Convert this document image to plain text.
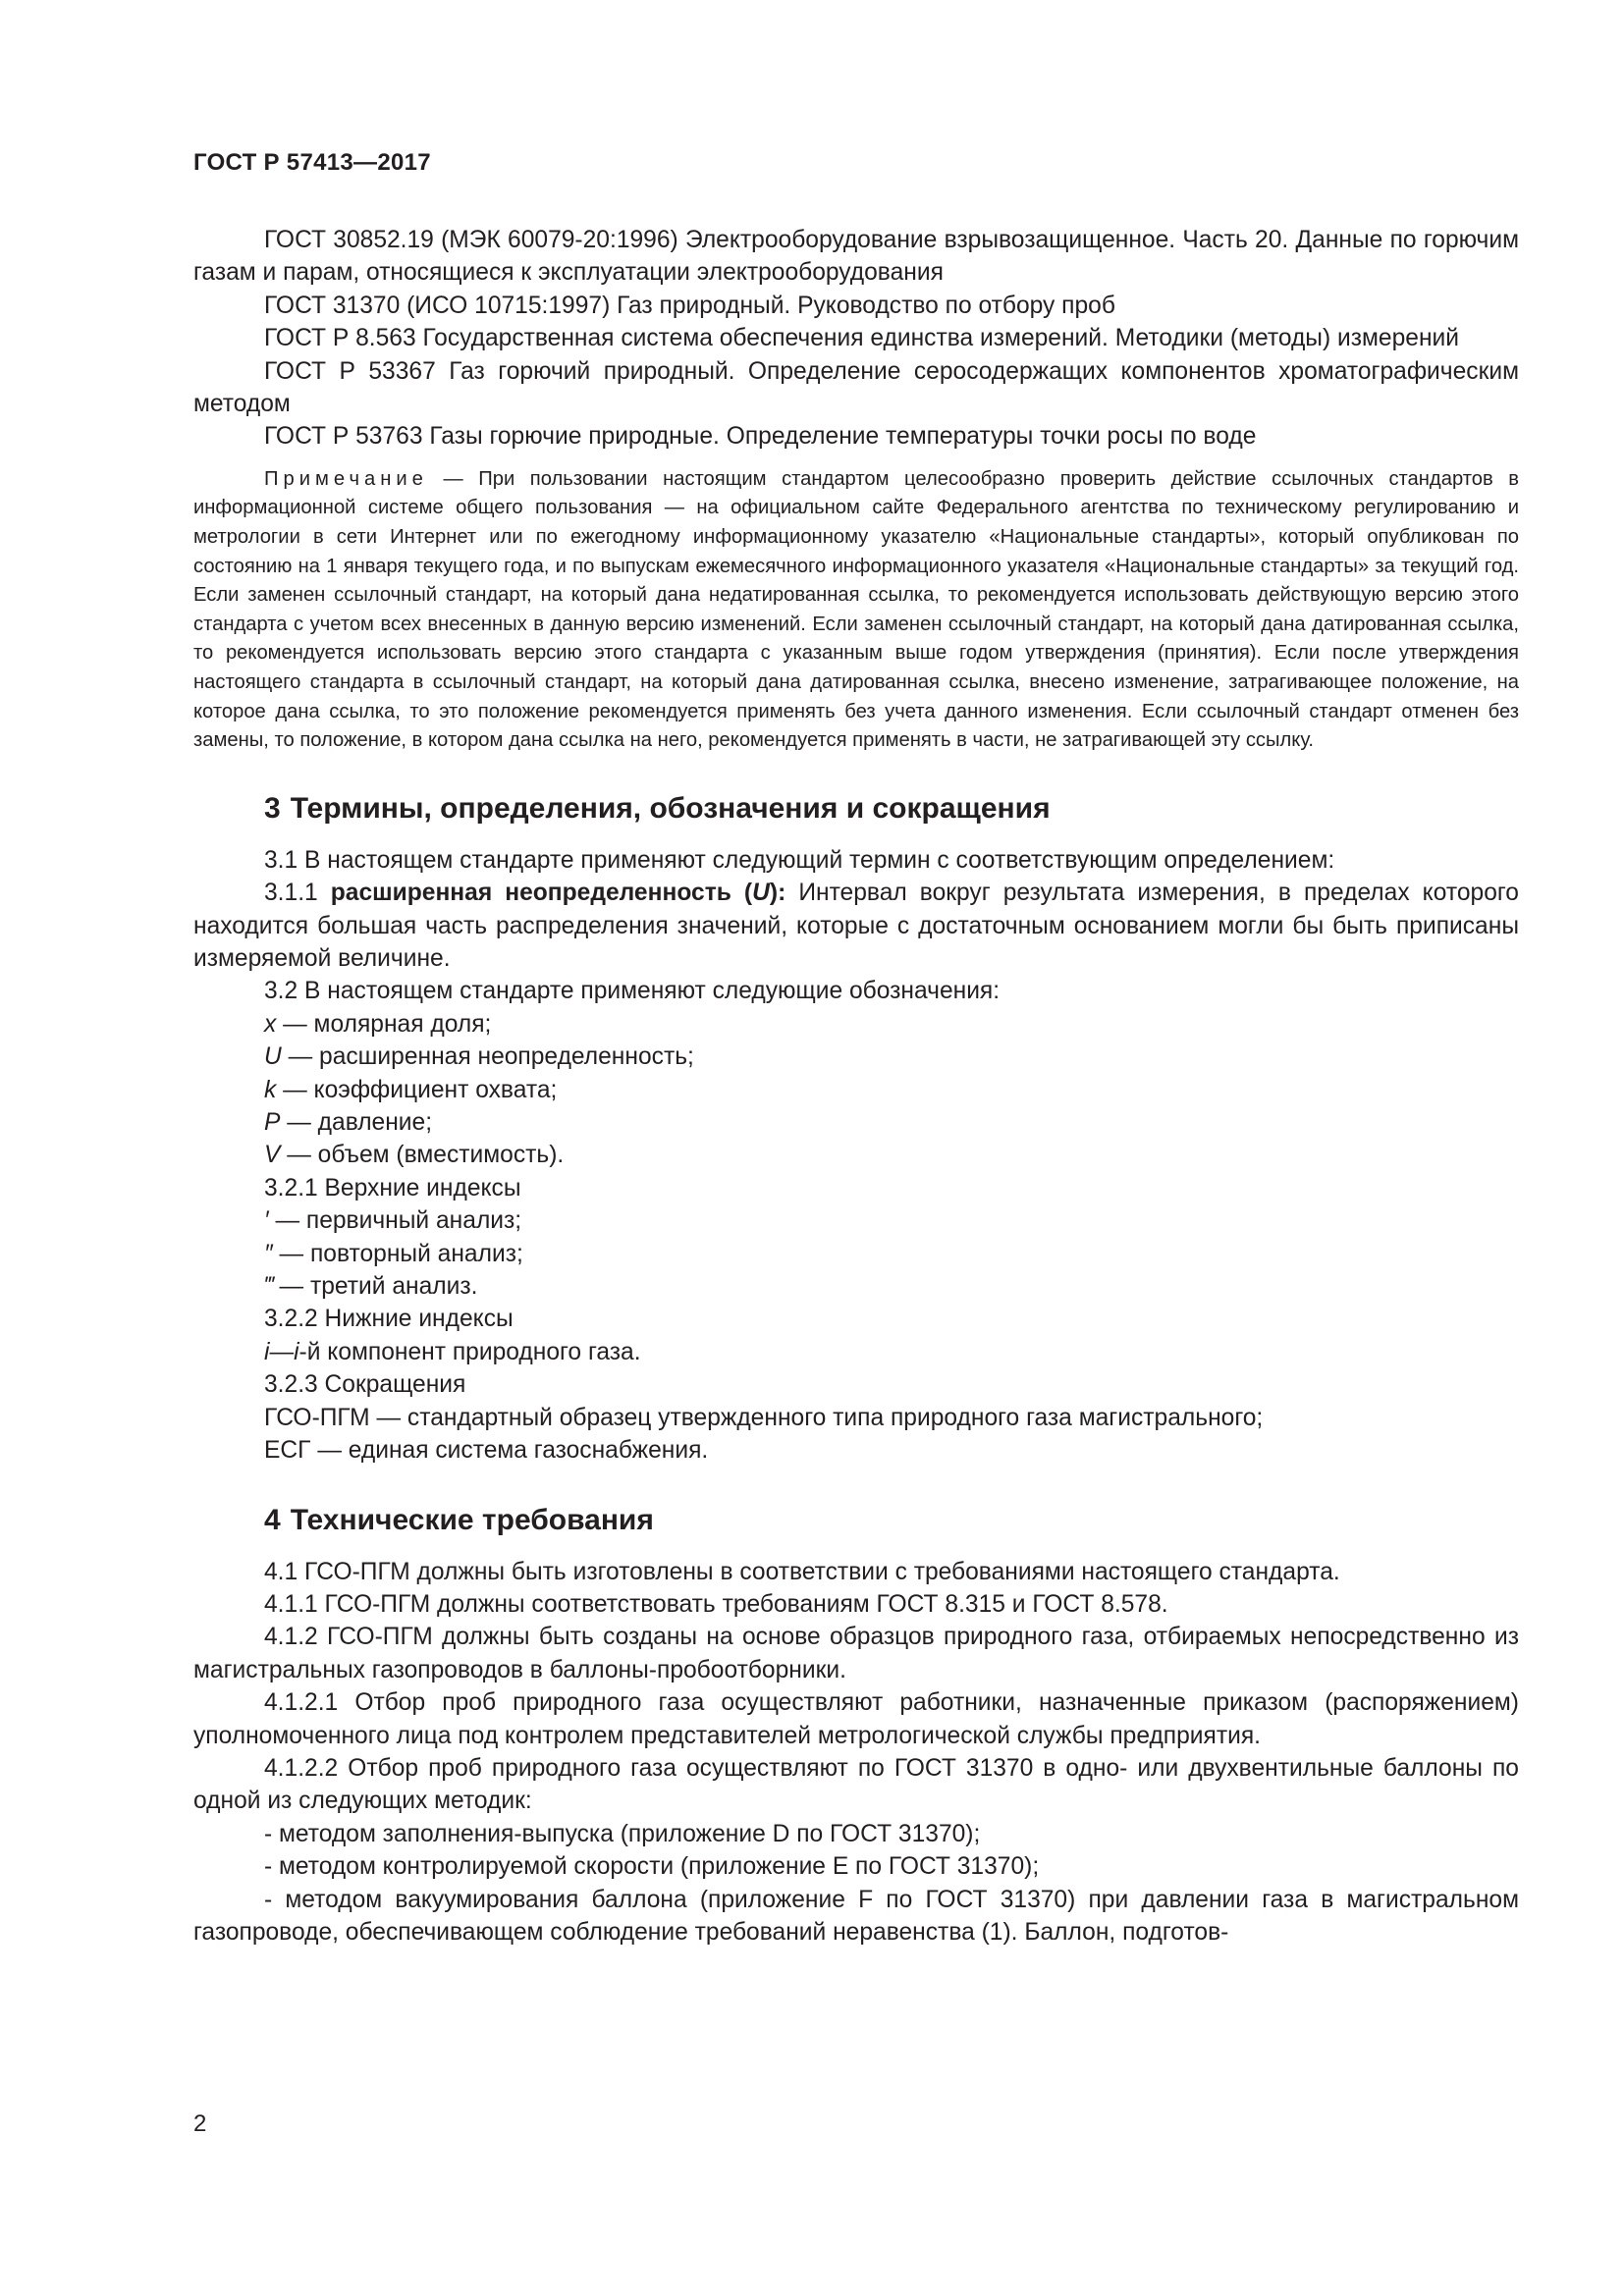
ГОСТ Р 57413—2017

ГОСТ 30852.19 (МЭК 60079-20:1996) Электрооборудование взрывозащищенное. Часть 20. Данные по горючим газам и парам, относящиеся к эксплуатации электрооборудования

ГОСТ 31370 (ИСО 10715:1997) Газ природный. Руководство по отбору проб

ГОСТ Р 8.563 Государственная система обеспечения единства измерений. Методики (методы) измерений

ГОСТ Р 53367 Газ горючий природный. Определение серосодержащих компонентов хроматографическим методом

ГОСТ Р 53763 Газы горючие природные. Определение температуры точки росы по воде

Примечание — При пользовании настоящим стандартом целесообразно проверить действие ссылочных стандартов в информационной системе общего пользования — на официальном сайте Федерального агентства по техническому регулированию и метрологии в сети Интернет или по ежегодному информационному указателю «Национальные стандарты», который опубликован по состоянию на 1 января текущего года, и по выпускам ежемесячного информационного указателя «Национальные стандарты» за текущий год. Если заменен ссылочный стандарт, на который дана недатированная ссылка, то рекомендуется использовать действующую версию этого стандарта с учетом всех внесенных в данную версию изменений. Если заменен ссылочный стандарт, на который дана датированная ссылка, то рекомендуется использовать версию этого стандарта с указанным выше годом утверждения (принятия). Если после утверждения настоящего стандарта в ссылочный стандарт, на который дана датированная ссылка, внесено изменение, затрагивающее положение, на которое дана ссылка, то это положение рекомендуется применять без учета данного изменения. Если ссылочный стандарт отменен без замены, то положение, в котором дана ссылка на него, рекомендуется применять в части, не затрагивающей эту ссылку.

3 Термины, определения, обозначения и сокращения

3.1 В настоящем стандарте применяют следующий термин с соответствующим определением:

3.1.1 расширенная неопределенность (U): Интервал вокруг результата измерения, в пределах которого находится большая часть распределения значений, которые с достаточным основанием могли бы быть приписаны измеряемой величине.

3.2 В настоящем стандарте применяют следующие обозначения:

x — молярная доля;

U — расширенная неопределенность;

k — коэффициент охвата;

P — давление;

V — объем (вместимость).

3.2.1 Верхние индексы

′ — первичный анализ;

″ — повторный анализ;

‴ — третий анализ.

3.2.2 Нижние индексы

i—i-й компонент природного газа.

3.2.3 Сокращения

ГСО-ПГМ — стандартный образец утвержденного типа природного газа магистрального;

ЕСГ — единая система газоснабжения.

4 Технические требования

4.1 ГСО-ПГМ должны быть изготовлены в соответствии с требованиями настоящего стандарта.

4.1.1 ГСО-ПГМ должны соответствовать требованиям ГОСТ 8.315 и ГОСТ 8.578.

4.1.2 ГСО-ПГМ должны быть созданы на основе образцов природного газа, отбираемых непосредственно из магистральных газопроводов в баллоны-пробоотборники.

4.1.2.1 Отбор проб природного газа осуществляют работники, назначенные приказом (распоряжением) уполномоченного лица под контролем представителей метрологической службы предприятия.

4.1.2.2 Отбор проб природного газа осуществляют по ГОСТ 31370 в одно- или двухвентильные баллоны по одной из следующих методик:

- методом заполнения-выпуска (приложение D по ГОСТ 31370);

- методом контролируемой скорости (приложение Е по ГОСТ 31370);

- методом вакуумирования баллона (приложение F по ГОСТ 31370) при давлении газа в магистральном газопроводе, обеспечивающем соблюдение требований неравенства (1). Баллон, подготов-

2
